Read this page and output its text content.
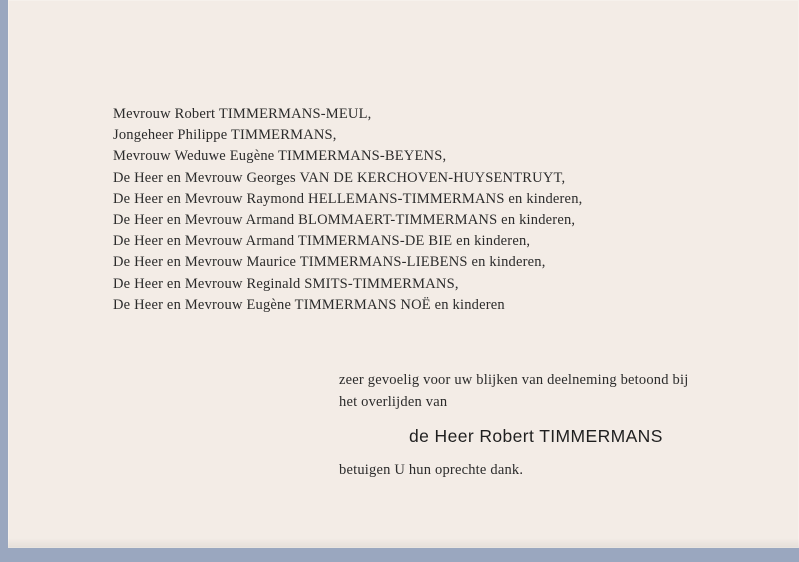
Mevrouw Robert TIMMERMANS-MEUL,
Jongeheer Philippe TIMMERMANS,
Mevrouw Weduwe Eugène TIMMERMANS-BEYENS,
De Heer en Mevrouw Georges VAN DE KERCHOVEN-HUYSENTRUYT,
De Heer en Mevrouw Raymond HELLEMANS-TIMMERMANS en kinderen,
De Heer en Mevrouw Armand BLOMMAERT-TIMMERMANS en kinderen,
De Heer en Mevrouw Armand TIMMERMANS-DE BIE en kinderen,
De Heer en Mevrouw Maurice TIMMERMANS-LIEBENS en kinderen,
De Heer en Mevrouw Reginald SMITS-TIMMERMANS,
De Heer en Mevrouw Eugène TIMMERMANS NOË en kinderen
zeer gevoelig voor uw blijken van deelneming betoond bij
het overlijden van
de Heer Robert TIMMERMANS
betuigen U hun oprechte dank.
